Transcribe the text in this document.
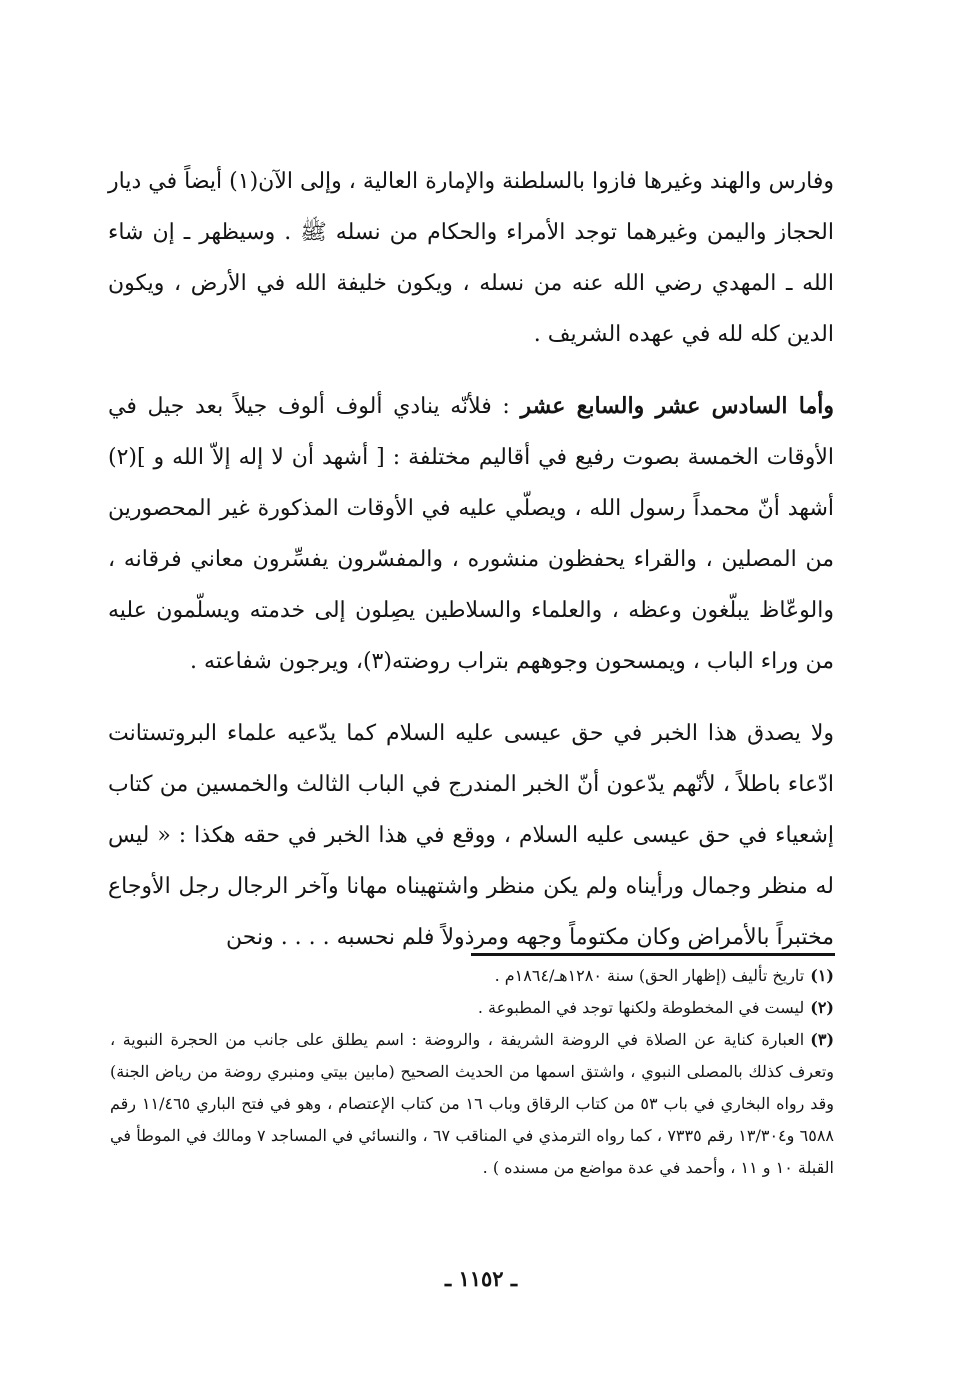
وفارس والهند وغيرها فازوا بالسلطنة والإمارة العالية ، وإلى الآن(١) أيضاً في ديار الحجاز واليمن وغيرهما توجد الأمراء والحكام من نسله ﷺ . وسيظهر ـ إن شاء الله ـ المهدي رضي الله عنه من نسله ، ويكون خليفة الله في الأرض ، ويكون الدين كله لله في عهده الشريف .

وأما السادس عشر والسابع عشر : فلأنّه ينادي ألوف ألوف جيلاً بعد جيل في الأوقات الخمسة بصوت رفيع في أقاليم مختلفة : [ أشهد أن لا إله إلاّ الله و ](٢) أشهد أنّ محمداً رسول الله ، ويصلّي عليه في الأوقات المذكورة غير المحصورين من المصلين ، والقراء يحفظون منشوره ، والمفسّرون يفسِّرون معاني فرقانه ، والوعّاظ يبلّغون وعظه ، والعلماء والسلاطين يصِلون إلى خدمته ويسلّمون عليه من وراء الباب ، ويمسحون وجوههم بتراب روضته(٣)، ويرجون شفاعته .

ولا يصدق هذا الخبر في حق عيسى عليه السلام كما يدّعيه علماء البروتستانت ادّعاء باطلاً ، لأنّهم يدّعون أنّ الخبر المندرج في الباب الثالث والخمسين من كتاب إشعياء في حق عيسى عليه السلام ، ووقع في هذا الخبر في حقه هكذا : « ليس له منظر وجمال ورأيناه ولم يكن منظر واشتهيناه مهانا وآخر الرجال رجل الأوجاع مختبراً بالأمراض وكان مكتوماً وجهه ومرذولاً فلم نحسبه . . . . ونحن

(١)تاريخ تأليف (إظهار الحق) سنة ١٢٨٠هـ/١٨٦٤م .

(٢)ليست في المخطوطة ولكنها توجد في المطبوعة .

(٣)العبارة كناية عن الصلاة في الروضة الشريفة ، والروضة : اسم يطلق على جانب من الحجرة النبوية ، وتعرف كذلك بالمصلى النبوي ، واشتق اسمها من الحديث الصحيح (مابين بيتي ومنبري روضة من رياض الجنة) وقد رواه البخاري في باب ٥٣ من كتاب الرقاق وباب ١٦ من كتاب الإعتصام ، وهو في فتح الباري ١١/٤٦٥ رقم ٦٥٨٨ و١٣/٣٠٤ رقم ٧٣٣٥ ، كما رواه الترمذي في المناقب ٦٧ ، والنسائي في المساجد ٧ ومالك في الموطأ في القبلة ١٠ و ١١ ، وأحمد في عدة مواضع من مسنده ) .

ـ ١١٥٢ ـ
